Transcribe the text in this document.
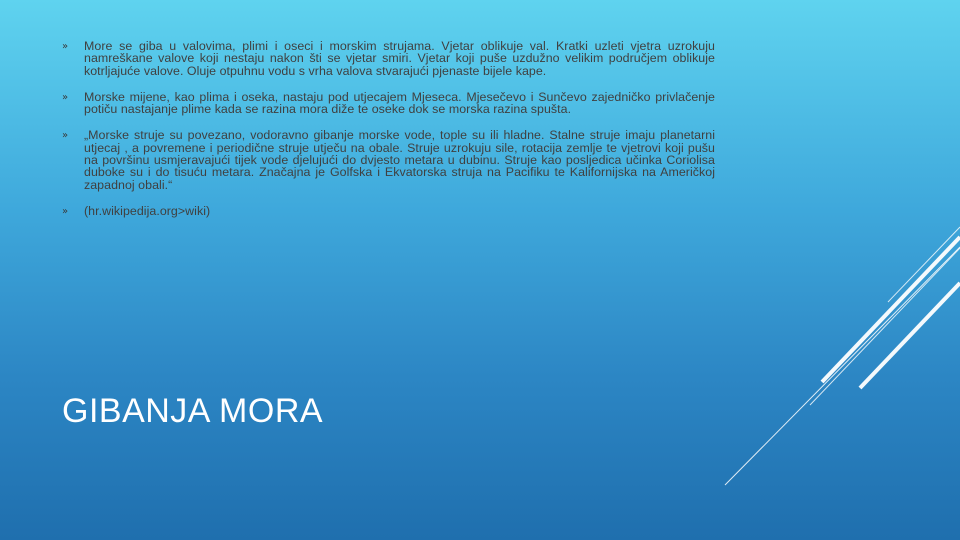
»	More se giba u valovima, plimi i oseci i morskim strujama. Vjetar oblikuje val. Kratki uzleti vjetra uzrokuju namreškane valove koji nestaju nakon šti se vjetar smiri. Vjetar koji puše uzdužno velikim područjem oblikuje kotrljajuće valove. Oluje otpuhnu vodu s vrha valova stvarajući pjenaste bijele kape.
»	Morske mijene, kao plima i oseka, nastaju pod utjecajem Mjeseca. Mjesečevo i Sunčevo zajedničko privlačenje potiču nastajanje plime kada se razina mora diže te oseke dok se morska razina spušta.
»	„Morske struje su povezano, vodoravno gibanje morske vode, tople su ili hladne. Stalne struje imaju planetarni utjecaj , a povremene i periodične struje utječu na obale. Struje uzrokuju sile, rotacija zemlje te vjetrovi koji pušu na površinu usmjeravajući tijek vode djelujući do dvjesto metara u dubinu. Struje kao posljedica učinka Coriolisa duboke su i do tisuću metara. Značajna je Golfska i Ekvatorska struja na Pacifiku te Kalifornijska na Američkoj zapadnoj obali.“
»	(hr.wikipedija.org>wiki)
GIBANJA MORA
